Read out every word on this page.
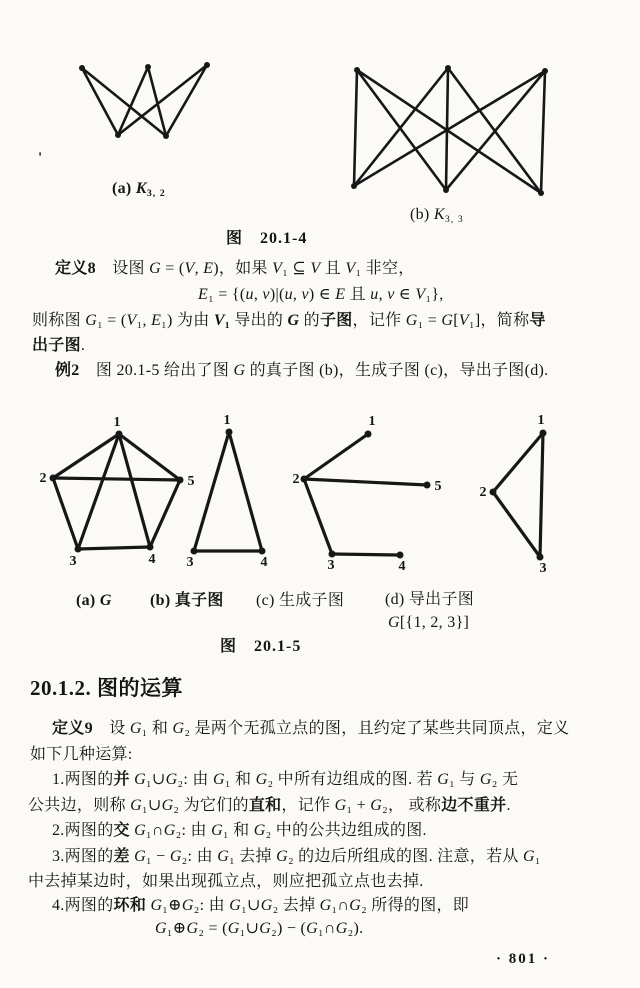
'
(a) $K_{3, 2}$
(b) $K_{3, 3}$
图　20.1-4
定义8　设图 G = (V, E)，如果 V₁ ⊆ V 且 V₁ 非空，
E₁ = {(u, v)|(u, v) ∈ E 且 u, v ∈ V₁},
则称图 G₁ = (V₁, E₁) 为由 V₁ 导出的 G 的子图，记作 G₁ = G[V₁]，简称导
出子图.
例2　图 20.1-5 给出了图 G 的真子图 (b)，生成子图 (c)，导出子图(d).
1
2	5
3	4
1
3	4
1
2	5
3	4
1
2
3
(a) G (b) 真子图 (c) 生成子图	(d) 导出子图
G[{1, 2, 3}]
图　20.1-5
20.1.2. 图的运算
定义9　设 G₁ 和 G₂ 是两个无孤立点的图，且约定了某些共同顶点，定义
如下几种运算:
1.两图的并 G₁∪G₂: 由 G₁ 和 G₂ 中所有边组成的图. 若 G₁ 与 G₂ 无
公共边，则称 G₁∪G₂ 为它们的直和，记作 G₁ + G₂， 或称边不重并.
2.两图的交 G₁∩G₂: 由 G₁ 和 G₂ 中的公共边组成的图.
3.两图的差 G₁ − G₂: 由 G₁ 去掉 G₂ 的边后所组成的图. 注意，若从 G₁
中去掉某边时，如果出现孤立点，则应把孤立点也去掉.
4.两图的环和 G₁⊕G₂: 由 G₁∪G₂ 去掉 G₁∩G₂ 所得的图，即
G₁⊕G₂ = (G₁∪G₂) − (G₁∩G₂).
· 801 ·
